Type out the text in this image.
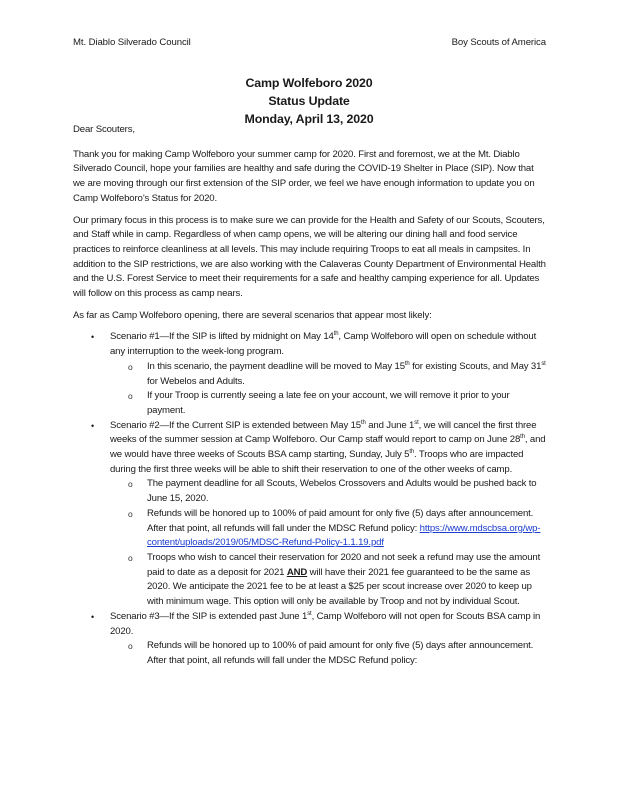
Mt. Diablo Silverado Council	Boy Scouts of America
Camp Wolfeboro 2020
Status Update
Monday, April 13, 2020

Dear Scouters,

Thank you for making Camp Wolfeboro your summer camp for 2020. First and foremost, we at the Mt. Diablo Silverado Council, hope your families are healthy and safe during the COVID-19 Shelter in Place (SIP). Now that we are moving through our first extension of the SIP order, we feel we have enough information to update you on Camp Wolfeboro’s Status for 2020.

Our primary focus in this process is to make sure we can provide for the Health and Safety of our Scouts, Scouters, and Staff while in camp. Regardless of when camp opens, we will be altering our dining hall and food service practices to reinforce cleanliness at all levels. This may include requiring Troops to eat all meals in campsites. In addition to the SIP restrictions, we are also working with the Calaveras County Department of Environmental Health and the U.S. Forest Service to meet their requirements for a safe and healthy camping experience for all. Updates will follow on this process as camp nears.

As far as Camp Wolfeboro opening, there are several scenarios that appear most likely:

• Scenario #1—If the SIP is lifted by midnight on May 14th, Camp Wolfeboro will open on schedule without any interruption to the week-long program.
o In this scenario, the payment deadline will be moved to May 15th for existing Scouts, and May 31st for Webelos and Adults.
o If your Troop is currently seeing a late fee on your account, we will remove it prior to your payment.
• Scenario #2—If the Current SIP is extended between May 15th and June 1st, we will cancel the first three weeks of the summer session at Camp Wolfeboro. Our Camp staff would report to camp on June 28th, and we would have three weeks of Scouts BSA camp starting, Sunday, July 5th. Troops who are impacted during the first three weeks will be able to shift their reservation to one of the other weeks of camp.
o The payment deadline for all Scouts, Webelos Crossovers and Adults would be pushed back to June 15, 2020.
o Refunds will be honored up to 100% of paid amount for only five (5) days after announcement. After that point, all refunds will fall under the MDSC Refund policy: https://www.mdscbsa.org/wp-content/uploads/2019/05/MDSC-Refund-Policy-1.1.19.pdf
o Troops who wish to cancel their reservation for 2020 and not seek a refund may use the amount paid to date as a deposit for 2021 AND will have their 2021 fee guaranteed to be the same as 2020. We anticipate the 2021 fee to be at least a $25 per scout increase over 2020 to keep up with minimum wage. This option will only be available by Troop and not by individual Scout.
• Scenario #3—If the SIP is extended past June 1st, Camp Wolfeboro will not open for Scouts BSA camp in 2020.
o Refunds will be honored up to 100% of paid amount for only five (5) days after announcement. After that point, all refunds will fall under the MDSC Refund policy:
